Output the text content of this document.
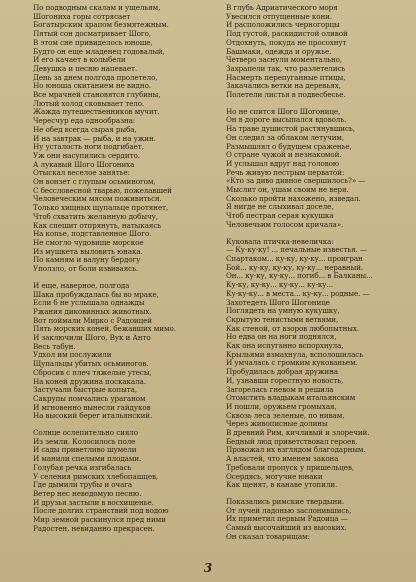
По подводным скалам и ущельям,
Шогониха горы сотрясает
Богатырским храпом безмятежным.
Пятый сон досматривает Шого,
В этом сне привиделось юноше,
Будто он еще младенец годовалый,
И его качает в колыбели
Девушка и песню напевает.
День за днем полгода пролетело,
Но юноша скитанием не видно.
Все мрачней становятся глубины,
Лютый холод сковывает тело.
Жажда путешественников мучит.
Чересчур еда однообразна:
Не обед всегда сырая рыба,
И на завтрак — рыба, и на ужин.
Ну усталость ноги подгибает,
Уж они насупились сердито.
А лукавый Шого Шогониха
Отыскал веселое занятье:
Он вонзет с глупым осьминогом,
С бессловесной тварью, пожелавшей
Человеческим мясом поживиться.
Только хищных щупальце протянет,
Чтоб схватить желанную добычу,
Как спешит отпрянуть, натыкаясь
На копье, подставленное Шого.
Не смогло чудовище морское
Из мушкета выловить юнака.
По камням и валуну бердогу
Уползло, от боли извиваясь.
И еще, наверное, полгода
Шака пробуждалась бы во мраке,
Если б не услышала однажды
Ржания диковинных животных.
Вот поймали Мирко с Радоицей
Пять морских коней, бежавших мимо.
И заключили Шого, Вук и Анто
Весь табун.
Удхол им послужили
Щупальцы убитых осьминогов.
Сбросив с плеч тяжелые утесы,
На коней дружина поскакала.
Застучали быстрые копыта,
Сакрупы помчались ураганом
И мгновенно вынесли гайдуков
На высокий берег итальянский.
Солнце ослепительно сияло
Из земли. Колосилось поле
И сады приветливо шумели
И манили спелыми плодами.
Голубая речка изгибалась
У селения римских хлебопашцев,
Где дымили трубы и очага
Ветер нес неведомую песню.
И друзья застыли в восхищенье.
После долгих странствий под водою
Мир земной раскинулся пред ними
Радостен, невиданно прекрасен.
В глубь Адриатического моря
Увесился отпущенные кони.
И расположились черногорцы
Под густой, раскидистой оливой
Отдохнуть, покуда не просохнут
Башмаки, одежда и оружье.
Четверо заснули моментально,
Захрапели так, что разлетелись
Насмерть перепуганные птицы,
Закачались ветки на деревьях,
Полетели листья в подвесбесье.
Но не спится Шого Шогонице,
Он в дороге высыпался вдоволь.
На траве душистой растянувшись,
Он следил за облаком летучим,
Размышлял о будущем сраженье,
О стране чужой и незнакомой.
И услышал вдруг над головою
Речь живую пестрым первато́й:
«Кто за диво дивное свершилось?» —
Мыслит он, ушам своим не веря.
Сколько пройти нахожено, изведал.
Я нигде не слыхивал доселе,
Чтоб пестрая серая кукушка
Человечьим голосом кричала».
Куковала птичка-невеличка:
— Ку-ку-ку! ... печальные известья. —
Спартаком... ку-ку, ку-ку... проигран
Бой... ку-ку, ку-ку, ку-ку... неравный.
Он... ку-ку, ку-ку... погиб... в Балканы...
Ку-ку, ку-ку... ку-ку... ку-ку...
Ку-ку-ку... в места... ку-ку... родные. —
Захотедеть Шого Шогонице
Поглядеть на умную кукушку,
Скрытую тенистыми ветвями,
Как стеной, от взоров любопытных.
Но едва он на ноги поднялся,
Как она испуганно вспорхнула,
Крыльями взмахнула, всполошилась
И умчалась с громким кукованьем.
Пробудилась добрая дружина
И, узнавши горестную новость,
Загорелась гневом и решила
Отомстить владыкам итальянским
И пошли, оружьем громыхая,
Сквозь леса зеленые, по нивам,
Через живописные долины
В древний Рим, кичливый и злоречий.
Бедный люд приветствовал героев.
Провожал их взглядом благодарным.
А властей, что именем закона
Требовали пропуск у пришельцев,
Осердясь, могучие юнаки
Как щенят, в канаве утопили.
Показались римские твердыни.
От лучей ладонью заслонившись,
Их приметил первым Радоица —
Самый высочайший из высоких.
Он сказал товарищам:
3
